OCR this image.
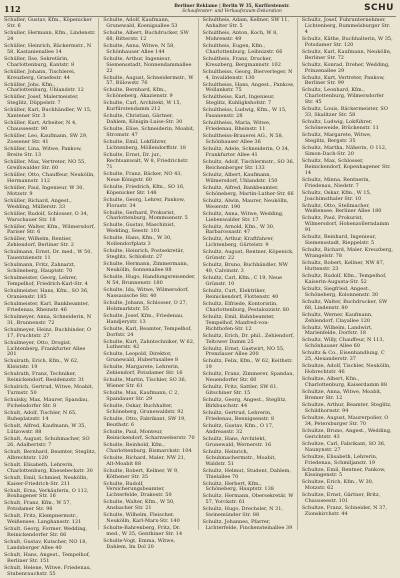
112	Berliner Reklame | Berlin W 35, Kurfürstenstr.
Schaufenster- und Verkaufsraum-Dekoration	SCHU
Schuller, Gustav, Kfm., Köpenicker Str. 6
Schuller, Hermann, Kfm., Lindenstr. 24
Schüller, Heinrich, Bäckermstr., N 58, Kastanienallee 14
Schüller, Ilse, Sekretärin, Charlottenburg, Kantstr. 8
Schüller, Johann, Tischlerei, Kreuzberg, Graefestr. 44
Schüller, Johs. Kfm., Charlottenburg, Uhlandstr. 12
Schüller, Josef, Malermeister, Steglitz, Düppelstr. 7
Schüller, Karl, Buchhändler, W 15, Xantener Str. 3
Schüller, Kurt, Arbeiter, N 4, Chausseestr. 90
Schüller, Leo, Kaufmann, SW 29, Zossener Str. 41
Schüller, Lina, Witwe, Pankow, Breite Str. 13
Schüller, Max, Vertreter, NO 55, Greifswalder Str. 60
Schüller, Otto, Chauffeur, Neukölln, Hermannstr. 112
Schüller, Paul, Ingenieur, W 30, Motzstr. 9
Schüller, Richard, Angest., Wedding, Müllerstr. 33
Schüller, Rudolf, Schlosser, O 34, Warschauer Str. 18
Schüller, Walter, Kfm., Wilmersdorf, Pariser Str. 6
Schüller, Wilhelm, Rentier, Zehlendorf, Berliner Str. 2
Schulmann, Ernst, Dr. med., W 50, Tauentzienstr. 11
Schulmann, Fritz, Zahnarzt, Schöneberg, Hauptstr. 70
Schulmeister, Georg, Lehrer, Tempelhof, Friedrich-Karl-Str. 4
Schulmeister, Hans, Kfm., SO 36, Oranienstr. 185
Schulmeister, Karl, Bankbeamter, Friedenau, Rheinstr. 46
Schulmeyer, Anna, Schneiderin, N 31, Brunnenstr. 72
Schulmeyer, Heinz, Buchbinder, O 17, Fruchtstr. 27
Schulmeyer, Otto, Drogist, Lichtenberg, Frankfurter Allee 201
Schulrath, Erich, Kfm., W 62, Kleiststr. 19
Schulrath, Franz, Techniker, Reinickendorf, Residenzstr. 31
Schulrich, Gertrud, Witwe, Moabit, Turmstr. 50
Schulsky, Max, Maurer, Spandau, Pichelsdorfer Str. 8
Schult, Adolf, Tischler, N 65, Ruheplatzstr. 14
Schult, Alfred, Kaufmann, W 35, Lützowstr. 88
Schult, August, Schuhmacher, SO 26, Adalbertstr. 7
Schult, Bernhard, Beamter, Steglitz, Albrechtstr. 120
Schult, Elisabeth, Lehrerin, Charlottenburg, Knesebeckstr. 30
Schult, Emil, Schmied, Neukölln, Kaiser-Friedrich-Str. 211
Schult, Erna, Verkäuferin, O 112, Boxhagener Str. 16
Schult, Franz, Kfm., W 57, Potsdamer Str. 98
Schult, Fritz, Klempnermstr., Weißensee, Langhansstr. 121
Schult, Georg, Former, Wedding, Reinickendorfer Str. 66
Schult, Gustav, Kutscher, NO 18, Landsberger Allee 40
Schult, Hans, Angest., Tempelhof, Berliner Str. 151
Schult, Helene, Witwe, Friedenau, Stubenrauchstr. 55
Schulte, Adolf, Kaufmann, Grunewald, Koenigsallee 53
Schulte, Albert, Buchdrucker, SW 68, Ritterstr. 12
Schulte, Anna, Witwe, N 58, Schönhauser Allee 144
Schulte, Arthur, Ingenieur, Siemensstadt, Nonnendammallee 22
Schulte, August, Schneidermstr., W 57, Bülowstr. 76
Schulte, Bernhard, Kfm., Schöneberg, Akazienstr. 9
Schulte, Carl, Architekt, W 15, Kurfürstendamm 212
Schulte, Christian, Gärtner, Dahlem, Königin-Luise-Str. 30
Schulte, Elise, Schneiderin, Moabit, Stromstr. 47
Schulte, Emil, Lokführer, Lichtenberg, Möllendorffstr. 18
Schulte, Ernst, Dr. jur., Rechtsanwalt, W 8, Friedrichstr. 71
Schulte, Franz, Bäcker, NO 43, Neue Königstr. 60
Schulte, Friedrich, Kfm., SO 16, Köpenicker Str. 148
Schulte, Georg, Lehrer, Pankow, Florastr. 34
Schulte, Gerhard, Prokurist, Charlottenburg, Mommsenstr. 5
Schulte, Gustav, Maschinist, Wedding, Seestr. 101
Schulte, Hans, Kfm., W 30, Nollendorfplatz 3
Schulte, Heinrich, Postsekretär, Steglitz, Schloßstr. 27
Schulte, Hermann, Zimmermann, Neukölln, Sonnenallee 88
Schulte, Hugo, Handlungsreisender, N 54, Brunnenstr. 180
Schulte, Ida, Witwe, Wilmersdorf, Nassauische Str. 40
Schulte, Johann, Schlosser, O 27, Holzmarktstr. 55
Schulte, Josef, Kfm., Friedenau, Handjerystr. 13
Schulte, Karl, Beamter, Tempelhof, Dorfstr. 24
Schulte, Kurt, Zahntechniker, W 62, Lutherstr. 42
Schulte, Leopold, Direktor, Grunewald, Hubertusallee 8
Schulte, Margarete, Lehrerin, Zehlendorf, Potsdamer Str. 16
Schulte, Martin, Tischler, SO 36, Wiener Str. 61
Schulte, Max, Kaufmann, C 2, Spandauer Str. 29
Schulte, Oskar, Buchhalter, Schöneberg, Grunewaldstr. 92
Schulte, Otto, Fabrikant, SW 19, Beuthstr. 6
Schulte, Paul, Monteur, Reinickendorf, Scharnweberstr. 70
Schulte, Reinhold, Kfm., Charlottenburg, Bismarckstr. 104
Schulte, Richard, Maler, NW 21, Alt-Moabit 88
Schulte, Robert, Kellner, W 9, Köthener Str. 35
Schulte, Rudolf, Versicherungsbeamter, Lichterfelde, Drakestr. 50
Schulte, Walter, Kfm., W 50, Ansbacher Str. 21
Schulte, Wilhelm, Fleischer, Neukölln, Karl-Marx-Str. 140
Schulte-Bahrenberg, Fritz, Dr. med., W 35, Genthiner Str. 14
Schulte-Vogt, Emma, Witwe, Dahlem, Im Dol 20
Schultheis, Adam, Kellner, SW 11, Anhalter Str. 5
Schultheis, Anton, Koch, W 8, Mohrenstr. 49
Schultheis, Eugen, Kfm., Charlottenburg, Leibnizstr. 66
Schultheis, Franz, Drucker, Kreuzberg, Bergmannstr. 102
Schultheiss, Georg, Bierverleger, N 4, Invalidenstr. 130
Schultheiss, Hans, Angest., Pankow, Wollankstr. 75
Schultheiss, Karl, Ingenieur, Steglitz, Kuhligkshofstr. 7
Schultheiss, Ludwig, Kfm., W 15, Fasanenstr. 28
Schultheiss, Maria, Witwe, Friedenau, Rheinstr. 11
Schultheiss-Brauerei AG., N 58, Schönhauser Allee 36
Schultz, Adele, Schneiderin, O 34, Frankfurter Allee 41
Schultz, Adolf, Tischlermstr., SO 36, Reichenberger Str. 133
Schultz, Albert, Kaufmann, Wilmersdorf, Uhlandstr. 150
Schultz, Alfred, Bankbeamter, Schöneberg, Martin-Luther-Str. 66
Schultz, Alwin, Maurer, Neukölln, Weserstr. 190
Schultz, Anna, Witwe, Wedding, Liebenwalder Str. 17
Schultz, Arnold, Kfm., W 30, Barbarossastr. 47
Schultz, Arthur, Kraftfahrer, Lichtenberg, Gürtelstr. 9
Schultz, August, Rentner, Köpenick, Grünstr. 22
Schultz, Bruno, Buchhändler, NW 40, Calvinstr. 3
Schultz, Carl, Kfm., C 19, Neue Grünstr. 10
Schultz, Curt, Elektriker, Reinickendorf, Flottenstr. 40
Schultz, Elfriede, Kontoristin, Charlottenburg, Pestalozzistr. 80
Schultz, Emil, Bahnbeamter, Tempelhof, Manfred-von-Richthofen-Str. 12
Schultz, Erich, Dr. phil., Zehlendorf, Teltower Damm 25
Schultz, Ernst, Gastwirt, NO 55, Prenzlauer Allee 200
Schultz, Felix, Kfm., W 62, Keithstr. 19
Schultz, Franz, Zimmerer, Spandau, Neuendorfer Str. 60
Schultz, Fritz, Sattler, SW 61, Gitschiner Str. 15
Schultz, Georg, Angest., Steglitz, Birkbuschstr. 44
Schultz, Gertrud, Lehrerin, Friedenau, Bennigsenstr. 8
Schultz, Gustav, Kfm., O 17, Andreasstr. 32
Schultz, Hans, Architekt, Grunewald, Wernerstr. 16
Schultz, Heinrich, Schuhmachermstr., Moabit, Waldstr. 51
Schultz, Helmut, Student, Dahlem, Thielallee 70
Schultz, Herbert, Kfm., Schöneberg, Hauptstr. 138
Schultz, Hermann, Obersekretär, W 57, Yorckstr. 61
Schultz, Hugo, Drechsler, N 31, Swinemünder Str. 88
Schultz, Johannes, Pfarrer, Lichterfelde, Finckensteinallee 39
Schultz, Josef, Fuhrunternehmer, Lichtenberg, Rummelsburger Str. 4
Schultz, Käthe, Buchhalterin, W 35, Potsdamer Str. 120
Schultz, Karl, Kaufmann, Neukölln, Berliner Str. 72
Schultz, Konrad, Dreher, Wedding, Prinzenallee 29
Schultz, Kurt, Vertreter, Pankow, Berliner Str. 99
Schultz, Leonhard, Kfm., Charlottenburg, Wilmersdorfer Str. 45
Schultz, Louis, Bäckermeister, SO 33, Skalitzer Str. 58
Schultz, Ludwig, Lokführer, Schöneweide, Brückenstr. 11
Schultz, Margarete, Witwe, Steglitz, Bergstr. 35
Schultz, Martha, Näherin, O 112, Simon-Dach-Str. 20
Schultz, Max, Schlosser, Reinickendorf, Kopenhagener Str. 14
Schultz, Minna, Rentnerin, Friedenau, Niedstr. 7
Schultz, Oskar, Kfm., W 15, Joachimsthaler Str. 10
Schultz, Otto, Stellmacher, Weißensee, Berliner Allee 180
Schultz, Paul, Prokurist, Wilmersdorf, Hohenzollerndamm 91
Schultz, Reinhard, Ingenieur, Siemensstadt, Rieppelstr. 5
Schultz, Richard, Maler, Kreuzberg, Wrangelstr. 78
Schultz, Robert, Kellner, NW 87, Huttenstr. 23
Schultz, Rudolf, Kfm., Tempelhof, Kaiserin-Augusta-Str. 52
Schultz, Siegfried, Angest., Schöneberg, Kolonnenstr. 30
Schultz, Walter, Buchdrucker, SW 68, Lindenstr. 80
Schultz, Werner, Kaufmann, Zehlendorf, Clayallee 120
Schultz, Wilhelm, Landwirt, Marienfelde, Dorfstr. 18
Schultz, Willy, Chauffeur, N 113, Schönhauser Allee 60
Schultz & Co., Eisenhandlung, C 25, Alexanderstr. 37
Schultze, Adolf, Tischler, Neukölln, Hobrechtstr. 46
Schultze, Albert, Kfm., Charlottenburg, Kaiserdamm 88
Schultze, Anna, Witwe, Moabit, Bremer Str. 12
Schultze, Arthur, Beamter, Steglitz, Schildhornstr. 94
Schultze, August, Maurerpolier, O 34, Petersburger Str. 70
Schultze, Bruno, Angest., Wedding, Gerichtstr. 43
Schultze, Carl, Fabrikant, SO 36, Naunynstr. 27
Schultze, Elisabeth, Lehrerin, Friedenau, Schmiljanstr. 19
Schultze, Emil, Rentner, Pankow, Kissingenstr. 5
Schultze, Erich, Kfm., W 30, Motzstr. 62
Schultze, Ernst, Gärtner, Britz, Chausseestr. 101
Schultze, Franz, Schneider, N 37, Zionskirchstr. 44
